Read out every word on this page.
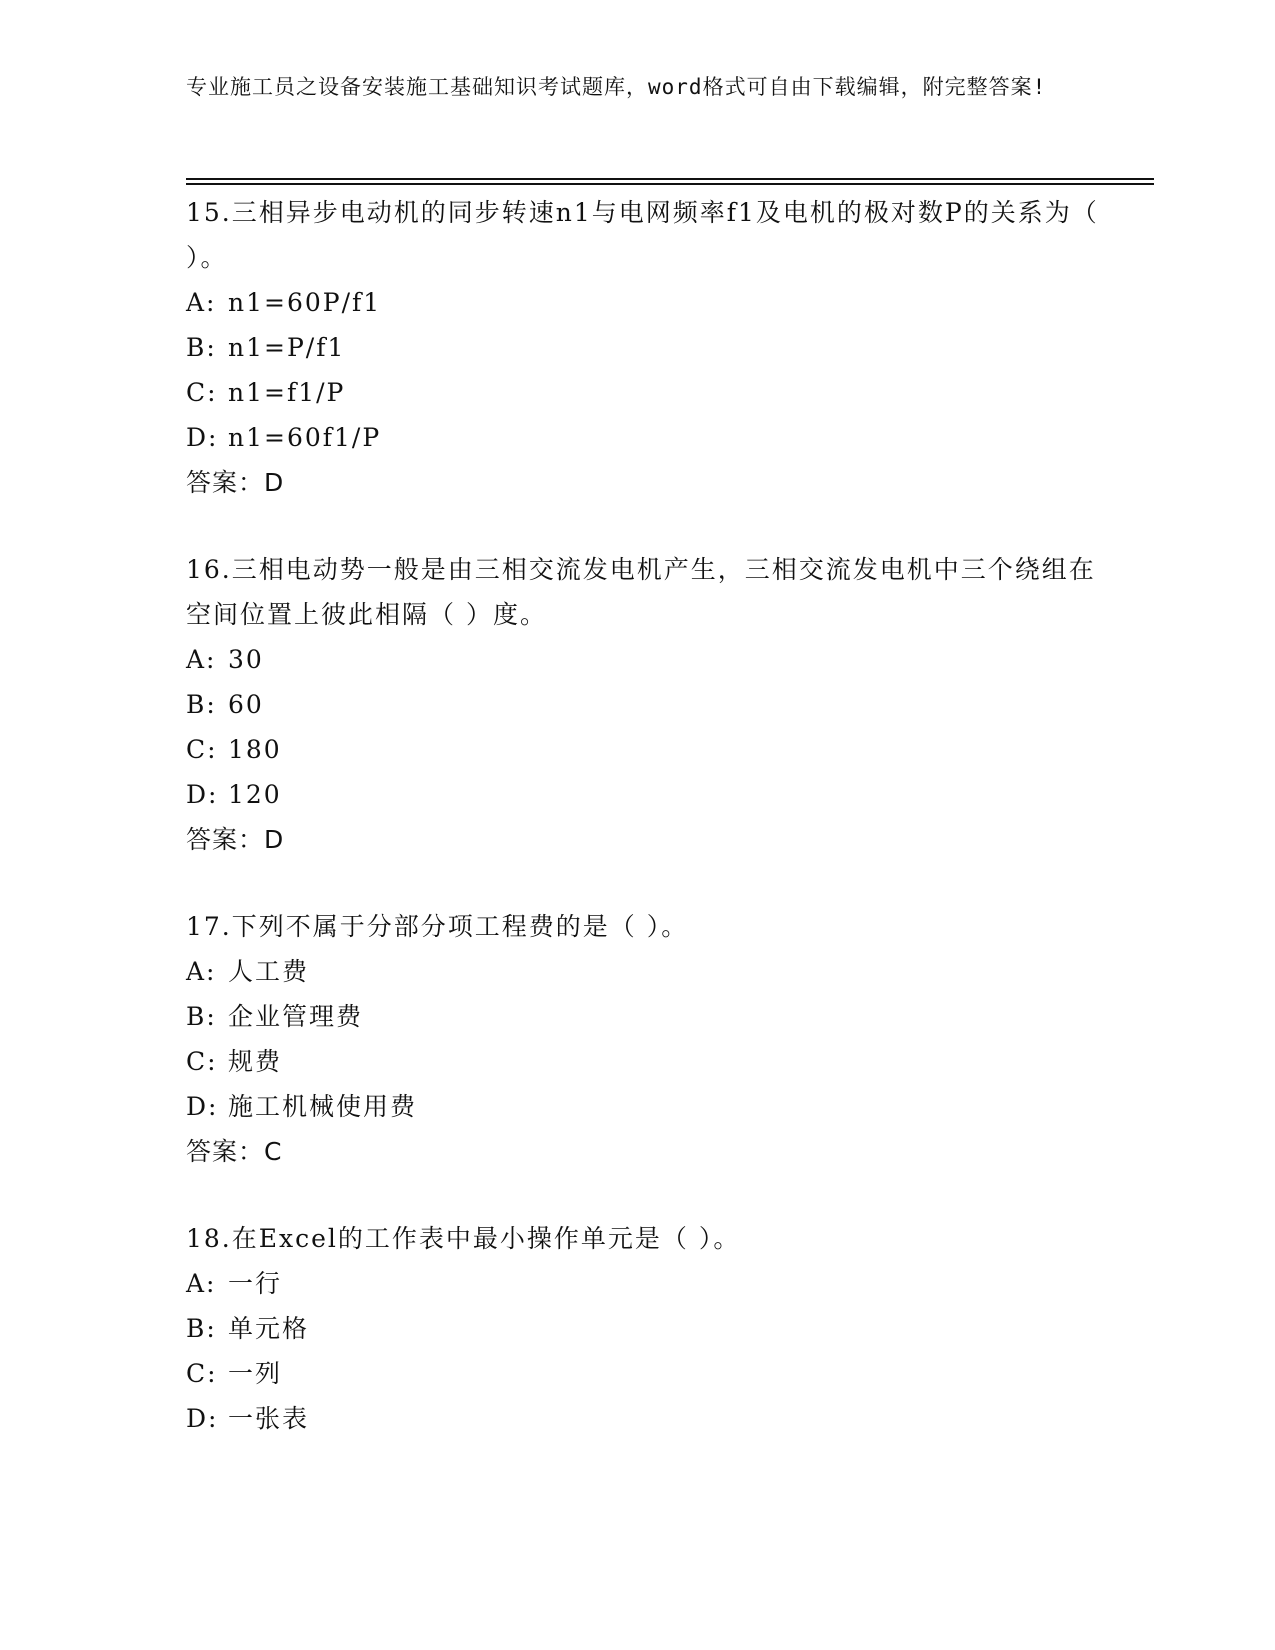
专业施工员之设备安装施工基础知识考试题库，word格式可自由下载编辑，附完整答案!

15.三相异步电动机的同步转速n1与电网频率f1及电机的极对数P的关系为（ ）。

A: n1=60P/f1

B: n1=P/f1

C: n1=f1/P

D: n1=60f1/P

答案：D

16.三相电动势一般是由三相交流发电机产生，三相交流发电机中三个绕组在空间位置上彼此相隔（ ）度。

A: 30

B: 60

C: 180

D: 120

答案：D

17.下列不属于分部分项工程费的是（ ）。

A: 人工费

B: 企业管理费

C: 规费

D: 施工机械使用费

答案：C

18.在Excel的工作表中最小操作单元是（ ）。

A: 一行

B: 单元格

C: 一列

D: 一张表
